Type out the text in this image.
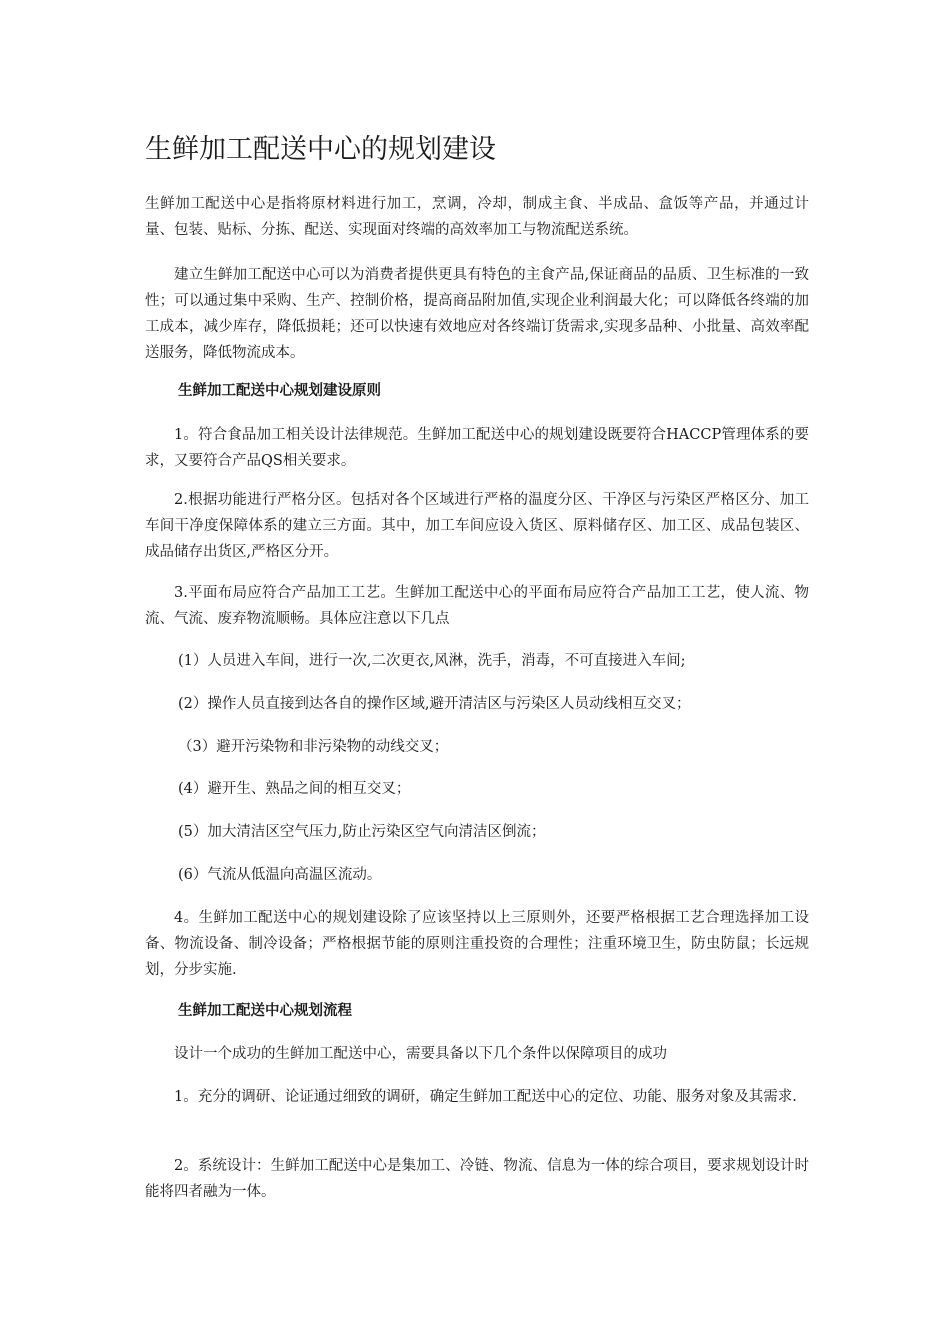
生鲜加工配送中心的规划建设

生鲜加工配送中心是指将原材料进行加工，烹调，冷却，制成主食、半成品、盒饭等产品，并通过计量、包装、贴标、分拣、配送、实现面对终端的高效率加工与物流配送系统。

建立生鲜加工配送中心可以为消费者提供更具有特色的主食产品,保证商品的品质、卫生标准的一致性；可以通过集中采购、生产、控制价格，提高商品附加值,实现企业利润最大化；可以降低各终端的加工成本，减少库存，降低损耗；还可以快速有效地应对各终端订货需求,实现多品种、小批量、高效率配送服务，降低物流成本。

生鲜加工配送中心规划建设原则

1。符合食品加工相关设计法律规范。生鲜加工配送中心的规划建设既要符合HACCP管理体系的要求，又要符合产品QS相关要求。

2.根据功能进行严格分区。包括对各个区域进行严格的温度分区、干净区与污染区严格区分、加工车间干净度保障体系的建立三方面。其中，加工车间应设入货区、原料储存区、加工区、成品包装区、成品储存出货区,严格区分开。

3.平面布局应符合产品加工工艺。生鲜加工配送中心的平面布局应符合产品加工工艺，使人流、物流、气流、废弃物流顺畅。具体应注意以下几点

(1）人员进入车间，进行一次,二次更衣,风淋，洗手，消毒，不可直接进入车间;

(2）操作人员直接到达各自的操作区域,避开清洁区与污染区人员动线相互交叉；

（3）避开污染物和非污染物的动线交叉；

(4）避开生、熟品之间的相互交叉；

(5）加大清洁区空气压力,防止污染区空气向清洁区倒流；

(6）气流从低温向高温区流动。

4。生鲜加工配送中心的规划建设除了应该坚持以上三原则外，还要严格根据工艺合理选择加工设备、物流设备、制冷设备；严格根据节能的原则注重投资的合理性；注重环境卫生，防虫防鼠；长远规划，分步实施.

生鲜加工配送中心规划流程

设计一个成功的生鲜加工配送中心，需要具备以下几个条件以保障项目的成功

1。充分的调研、论证通过细致的调研，确定生鲜加工配送中心的定位、功能、服务对象及其需求.

2。系统设计：生鲜加工配送中心是集加工、冷链、物流、信息为一体的综合项目，要求规划设计时能将四者融为一体。
